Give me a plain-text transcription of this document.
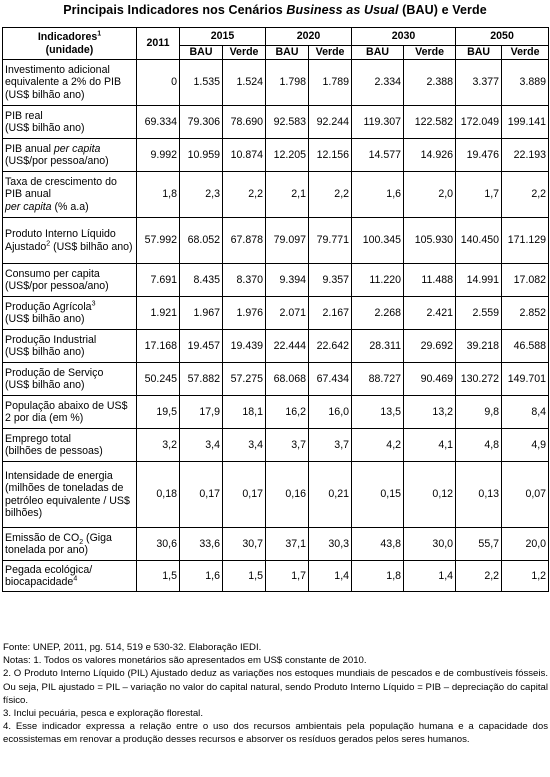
Principais Indicadores nos Cenários Business as Usual (BAU) e Verde
Indicadores$^1$
(unidade)	2011	2015		2020		2030		2050	
		BAU	Verde	BAU	Verde	BAU	Verde	BAU	Verde
Investimento adicional equivalente a 2% do PIB (US$ bilhão ano)	0	1.535	1.524	1.798	1.789	2.334	2.388	3.377	3.889
PIB real
(US$ bilhão ano)	69.334	79.306	78.690	92.583	92.244	119.307	122.582	172.049	199.141
PIB anual per capita
(US$/por pessoa/ano)	9.992	10.959	10.874	12.205	12.156	14.577	14.926	19.476	22.193
Taxa de crescimento do PIB anual
per capita (% a.a)	1,8	2,3	2,2	2,1	2,2	1,6	2,0	1,7	2,2
Produto Interno Líquido Ajustado$^2$ (US$ bilhão ano)	57.992	68.052	67.878	79.097	79.771	100.345	105.930	140.450	171.129
Consumo per capita
(US$/por pessoa/ano)	7.691	8.435	8.370	9.394	9.357	11.220	11.488	14.991	17.082
Produção Agrícola$^3$
(US$ bilhão ano)	1.921	1.967	1.976	2.071	2.167	2.268	2.421	2.559	2.852
Produção Industrial
(US$ bilhão ano)	17.168	19.457	19.439	22.444	22.642	28.311	29.692	39.218	46.588
Produção de Serviço
(US$ bilhão ano)	50.245	57.882	57.275	68.068	67.434	88.727	90.469	130.272	149.701
População abaixo de US$ 2 por dia (em %)	19,5	17,9	18,1	16,2	16,0	13,5	13,2	9,8	8,4
Emprego total
(bilhões de pessoas)	3,2	3,4	3,4	3,7	3,7	4,2	4,1	4,8	4,9
Intensidade de energia (milhões de toneladas de petróleo equivalente / US$ bilhões)	0,18	0,17	0,17	0,16	0,21	0,15	0,12	0,13	0,07
Emissão de $CO_2$ (Giga tonelada por ano)	30,6	33,6	30,7	37,1	30,3	43,8	30,0	55,7	20,0
Pegada ecológica/
biocapacidade$^4$	1,5	1,6	1,5	1,7	1,4	1,8	1,4	2,2	1,2

Fonte: UNEP, 2011, pg. 514, 519 e 530-32. Elaboração IEDI.

Notas: 1. Todos os valores monetários são apresentados em US$ constante de 2010.

2. O Produto Interno Líquido (PIL) Ajustado deduz as variações nos estoques mundiais de pescados e de combustíveis fósseis. Ou seja, PIL ajustado = PIL – variação no valor do capital natural, sendo Produto Interno Líquido = PIB – depreciação do capital físico.

3. Inclui pecuária, pesca e exploração florestal.

4. Esse indicador expressa a relação entre o uso dos recursos ambientais pela população humana e a capacidade dos ecossistemas em renovar a produção desses recursos e absorver os resíduos gerados pelos seres humanos.
